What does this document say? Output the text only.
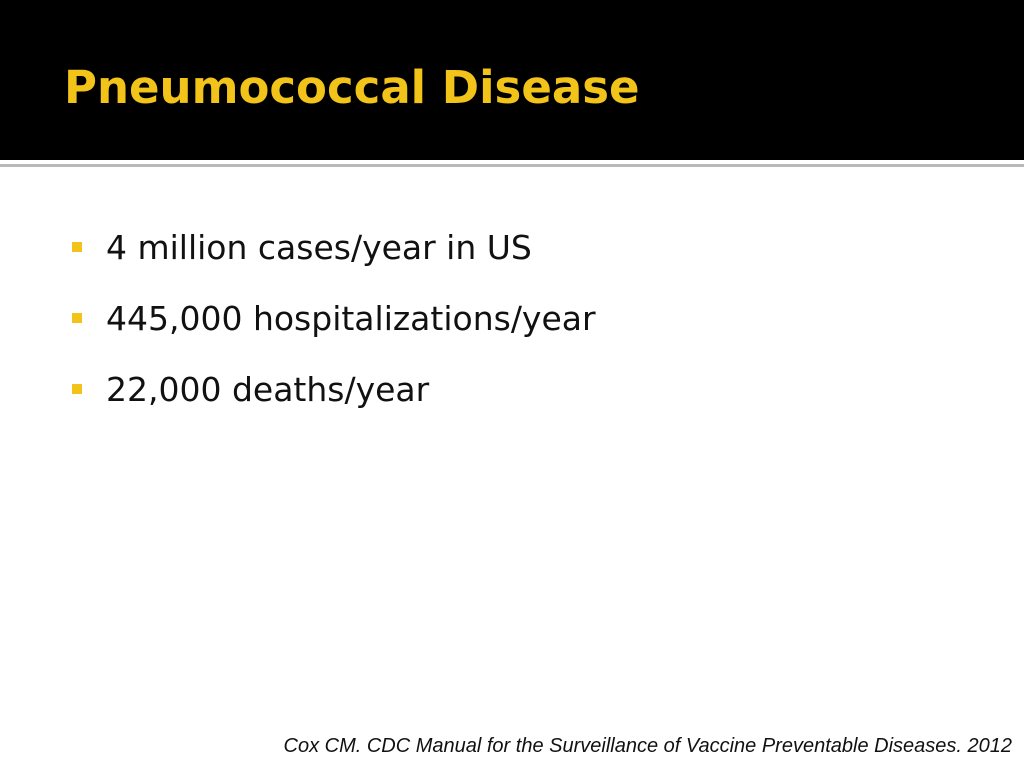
Pneumococcal Disease
4 million cases/year in US
445,000 hospitalizations/year
22,000 deaths/year

Cox CM. CDC Manual for the Surveillance of Vaccine Preventable Diseases. 2012
